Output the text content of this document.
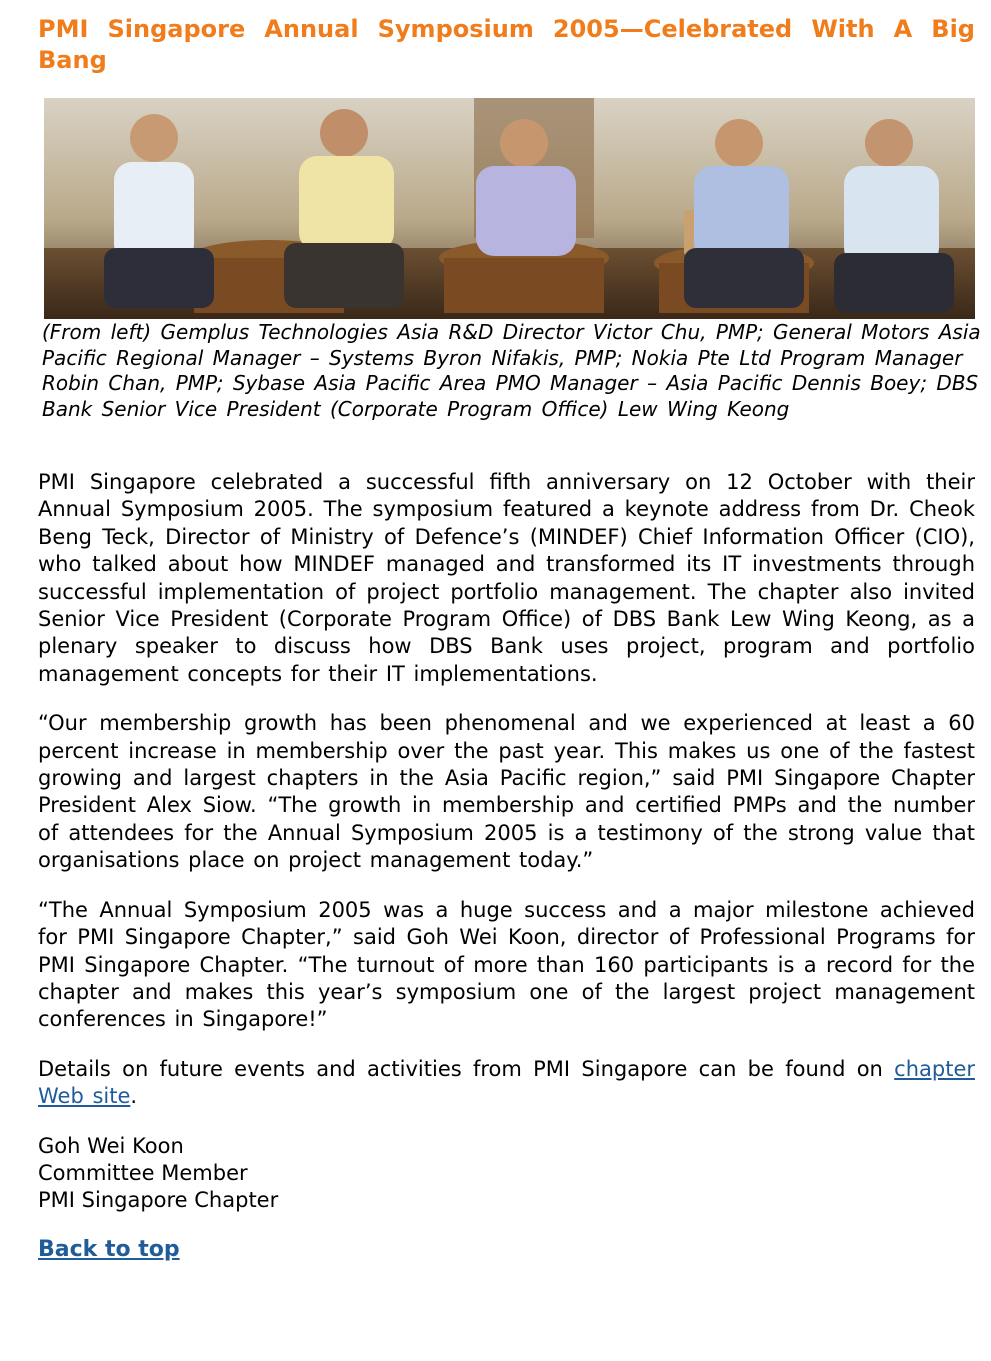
PMI Singapore Annual Symposium 2005—Celebrated With A Big Bang

(From left) Gemplus Technologies Asia R&D Director Victor Chu, PMP; General Motors Asia Pacific Regional Manager – Systems Byron Nifakis, PMP; Nokia Pte Ltd Program Manager Robin Chan, PMP; Sybase Asia Pacific Area PMO Manager – Asia Pacific Dennis Boey; DBS Bank Senior Vice President (Corporate Program Office) Lew Wing Keong

PMI Singapore celebrated a successful fifth anniversary on 12 October with their Annual Symposium 2005. The symposium featured a keynote address from Dr. Cheok Beng Teck, Director of Ministry of Defence’s (MINDEF) Chief Information Officer (CIO), who talked about how MINDEF managed and transformed its IT investments through successful implementation of project portfolio management. The chapter also invited Senior Vice President (Corporate Program Office) of DBS Bank Lew Wing Keong, as a plenary speaker to discuss how DBS Bank uses project, program and portfolio management concepts for their IT implementations.

“Our membership growth has been phenomenal and we experienced at least a 60 percent increase in membership over the past year. This makes us one of the fastest growing and largest chapters in the Asia Pacific region,” said PMI Singapore Chapter President Alex Siow. “The growth in membership and certified PMPs and the number of attendees for the Annual Symposium 2005 is a testimony of the strong value that organisations place on project management today.”

“The Annual Symposium 2005 was a huge success and a major milestone achieved for PMI Singapore Chapter,” said Goh Wei Koon, director of Professional Programs for PMI Singapore Chapter. “The turnout of more than 160 participants is a record for the chapter and makes this year’s symposium one of the largest project management conferences in Singapore!”

Details on future events and activities from PMI Singapore can be found on chapter Web site.

Goh Wei Koon
Committee Member
PMI Singapore Chapter
Back to top
